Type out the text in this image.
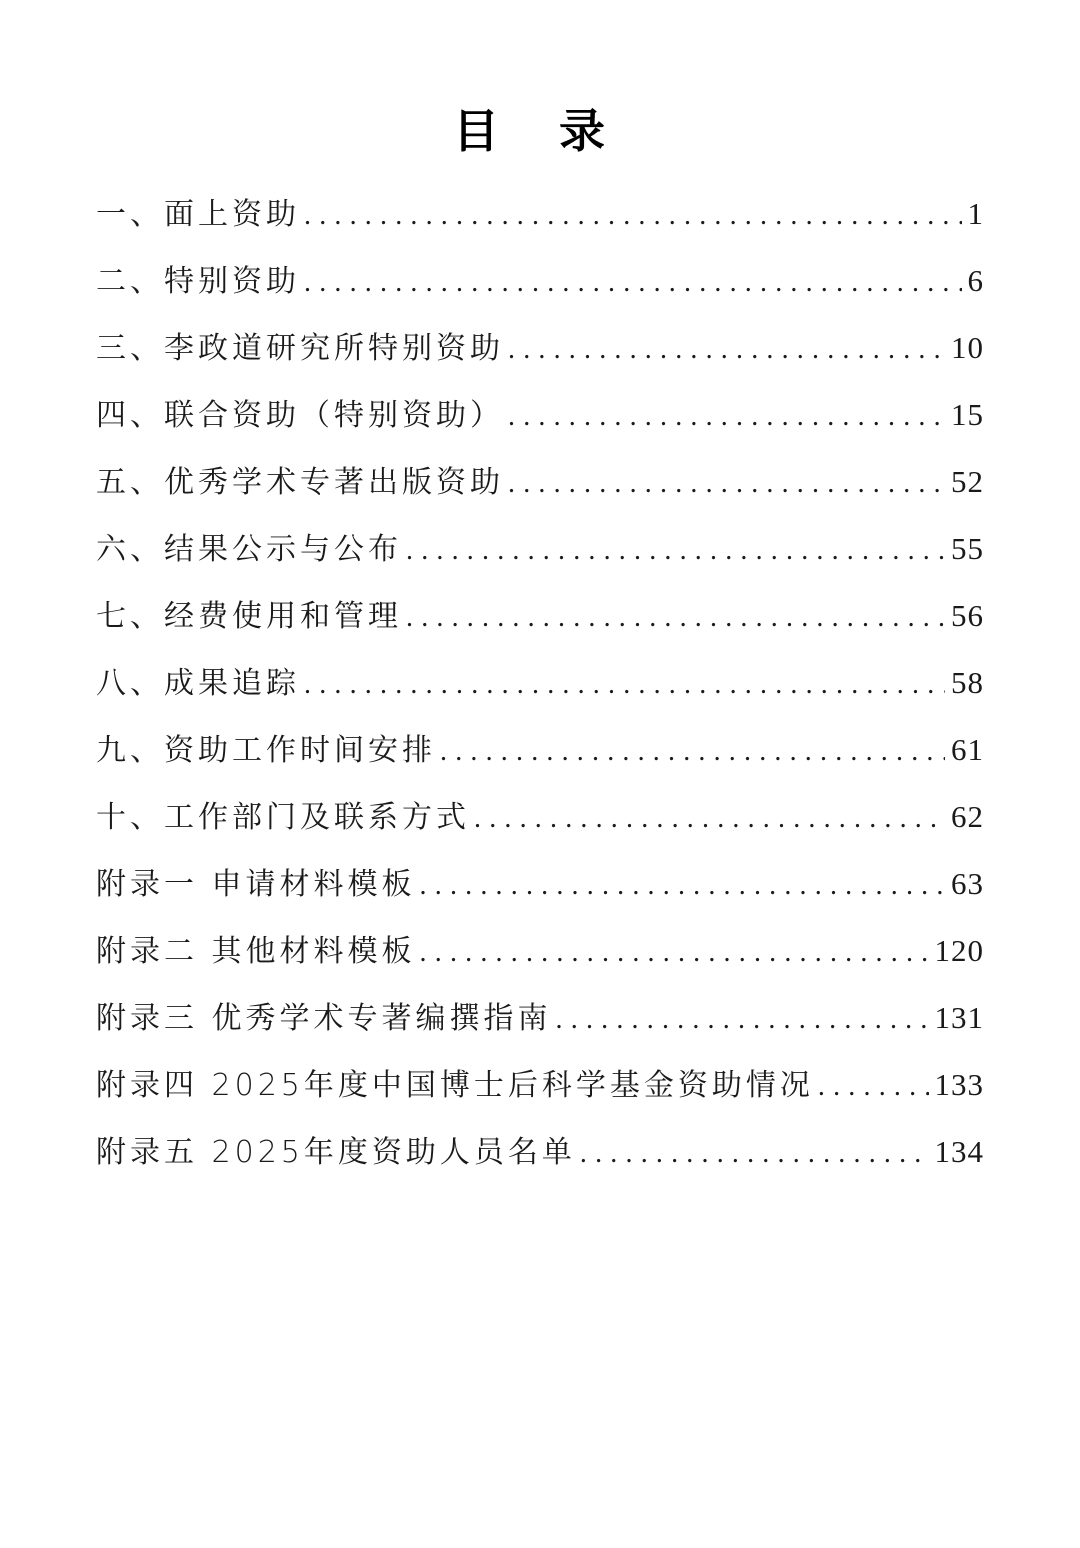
目 录
一、面上资助 .....	1
二、特别资助 .....	6
三、李政道研究所特别资助 .....	10
四、联合资助（特别资助） .....	15
五、优秀学术专著出版资助 .....	52
六、结果公示与公布 .....	55
七、经费使用和管理 .....	56
八、成果追踪 .....	58
九、资助工作时间安排 .....	61
十、工作部门及联系方式 .....	62
附录一 申请材料模板 .....	63
附录二 其他材料模板 .....	120
附录三 优秀学术专著编撰指南 .....	131
附录四 2025年度中国博士后科学基金资助情况 .....	133
附录五 2025年度资助人员名单 .....	134
